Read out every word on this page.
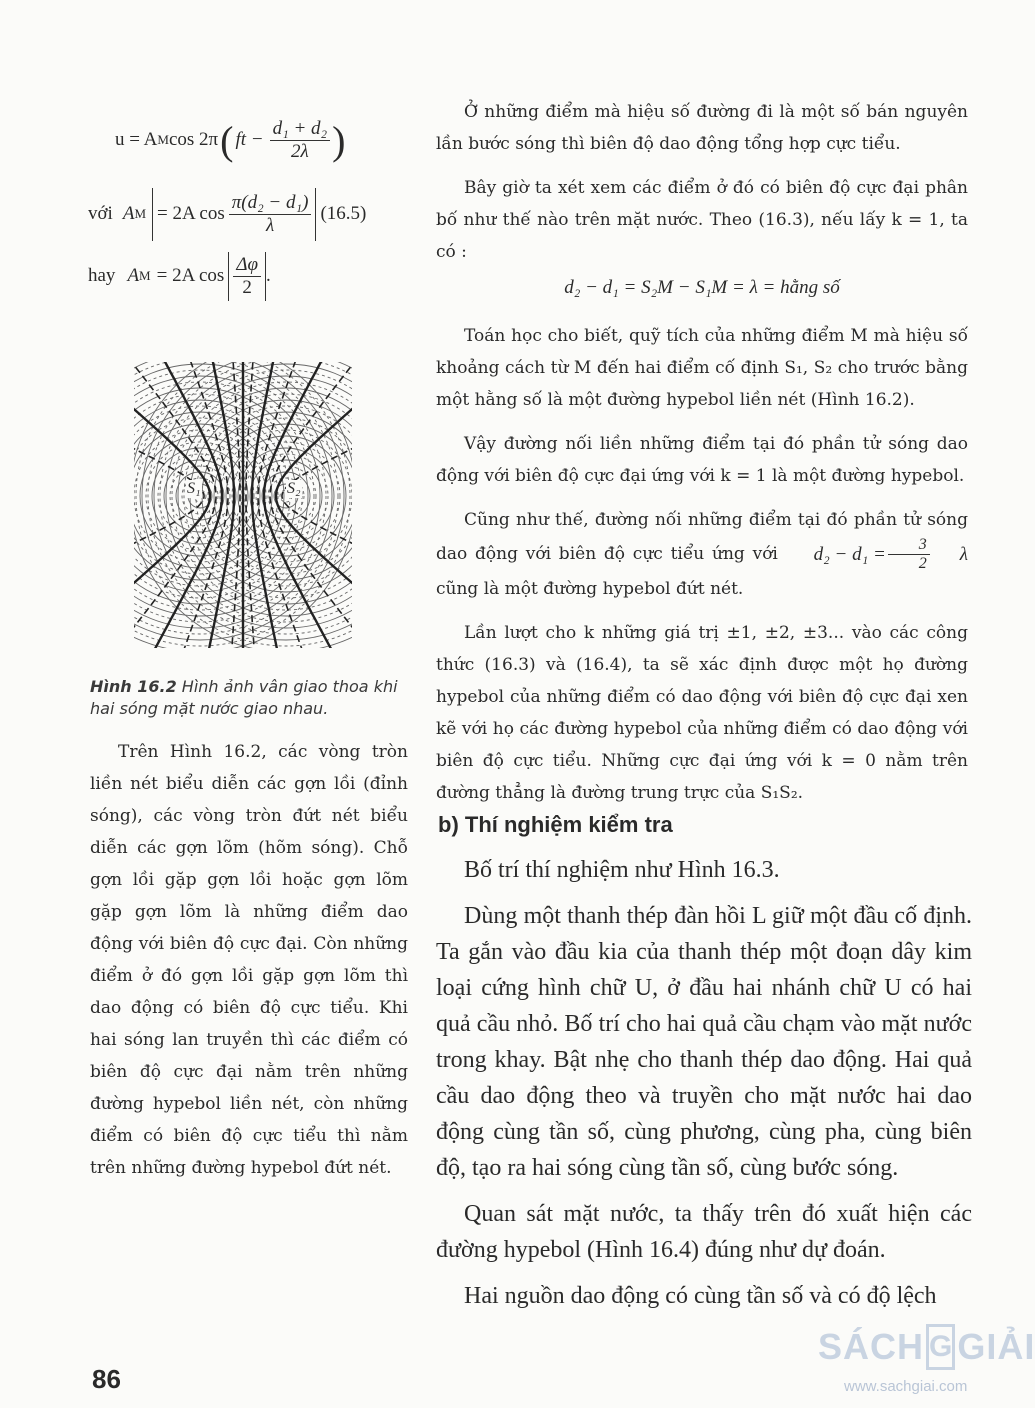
u = A M cos 2π ( ft − $\frac{\text{d₁ + d₂}}{2\lambda}$ )
với A M = 2A $\cos \frac{\text{π(d₂ − d₁)}}{\lambda} (16.5)$
hay A M = 2A $\cos \frac{\Delta\varphi}{2}$ .
S₁	S₂
Hình 16.2 Hình ảnh vân giao thoa khi hai sóng mặt nước giao nhau.

Trên Hình 16.2, các vòng tròn liền nét biểu diễn các gợn lồi (đỉnh sóng), các vòng tròn đứt nét biểu diễn các gợn lõm (hõm sóng). Chỗ gợn lồi gặp gợn lồi hoặc gợn lõm gặp gợn lõm là những điểm dao động với biên độ cực đại. Còn những điểm ở đó gợn lồi gặp gợn lõm thì dao động có biên độ cực tiểu. Khi hai sóng lan truyền thì các điểm có biên độ cực đại nằm trên những đường hypebol liền nét, còn những điểm có biên độ cực tiểu thì nằm trên những đường hypebol đứt nét.

Ở những điểm mà hiệu số đường đi là một số bán nguyên lần bước sóng thì biên độ dao động tổng hợp cực tiểu.

Bây giờ ta xét xem các điểm ở đó có biên độ cực đại phân bố như thế nào trên mặt nước. Theo (16.3), nếu lấy k = 1, ta có :

d₂ − d₁ = S₂M − S₁M = λ = hằng số

Toán học cho biết, quỹ tích của những điểm M mà hiệu số khoảng cách từ M đến hai điểm cố định S₁, S₂ cho trước bằng một hằng số là một đường hypebol liền nét (Hình 16.2).

Vậy đường nối liền những điểm tại đó phần tử sóng dao động với biên độ cực đại ứng với k = 1 là một đường hypebol.

Cũng như thế, đường nối những điểm tại đó phần tử sóng dao động với biên độ cực tiểu ứng với	$d_2 - d_1 = \frac{3}{2}$	λ
cũng là một đường hypebol đứt nét.

Lần lượt cho k những giá trị ±1, ±2, ±3... vào các công thức (16.3) và (16.4), ta sẽ xác định được một họ đường hypebol của những điểm có dao động với biên độ cực đại xen kẽ với họ các đường hypebol của những điểm có dao động với biên độ cực tiểu. Những cực đại ứng với k = 0 nằm trên đường thẳng là đường trung trực của S₁S₂.

b) Thí nghiệm kiểm tra

Bố trí thí nghiệm như Hình 16.3.

Dùng một thanh thép đàn hồi L giữ một đầu cố định. Ta gắn vào đầu kia của thanh thép một đoạn dây kim loại cứng hình chữ U, ở đầu hai nhánh chữ U có hai quả cầu nhỏ. Bố trí cho hai quả cầu chạm vào mặt nước trong khay. Bật nhẹ cho thanh thép dao động. Hai quả cầu dao động theo và truyền cho mặt nước hai dao động cùng tần số, cùng phương, cùng pha, cùng biên độ, tạo ra hai sóng cùng tần số, cùng bước sóng.

Quan sát mặt nước, ta thấy trên đó xuất hiện các đường hypebol (Hình 16.4) đúng như dự đoán.

Hai nguồn dao động có cùng tần số và có độ lệch

86
SÁCH G GIẢI
www.sachgiai.com
